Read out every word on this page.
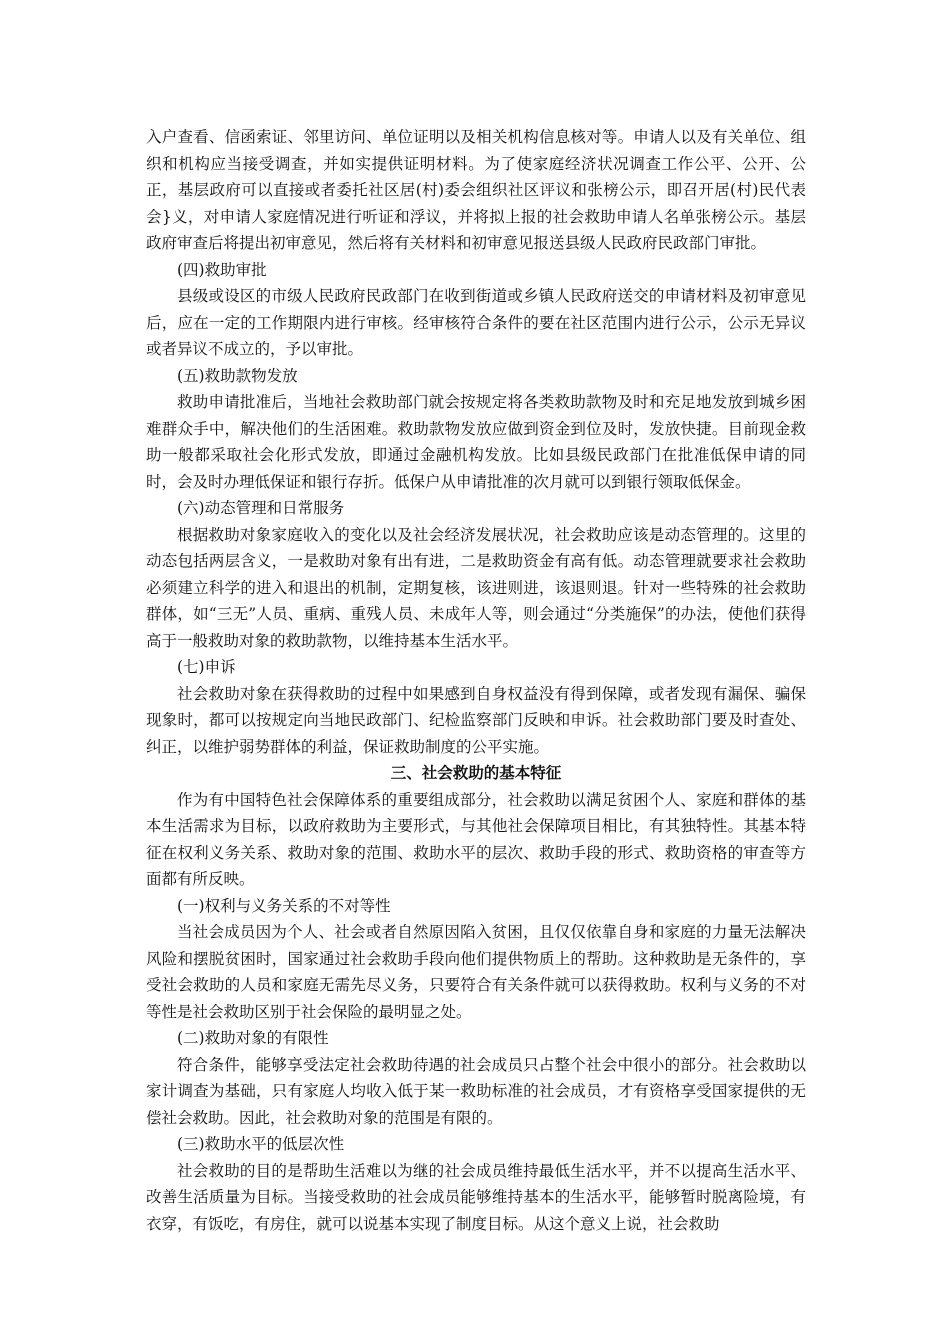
入户查看、信函索证、邻里访问、单位证明以及相关机构信息核对等。申请人以及有关单位、组织和机构应当接受调查，并如实提供证明材料。为了使家庭经济状况调查工作公平、公开、公正，基层政府可以直接或者委托社区居(村)委会组织社区评议和张榜公示，即召开居(村)民代表会}义，对申请人家庭情况进行听证和浮议，并将拟上报的社会救助申请人名单张榜公示。基层政府审查后将提出初审意见，然后将有关材料和初审意见报送县级人民政府民政部门审批。

(四)救助审批

县级或设区的市级人民政府民政部门在收到街道或乡镇人民政府送交的申请材料及初审意见后，应在一定的工作期限内进行审核。经审核符合条件的要在社区范围内进行公示，公示无异议或者异议不成立的，予以审批。

(五)救助款物发放

救助申请批准后，当地社会救助部门就会按规定将各类救助款物及时和充足地发放到城乡困难群众手中，解决他们的生活困难。救助款物发放应做到资金到位及时，发放快捷。目前现金救助一般都采取社会化形式发放，即通过金融机构发放。比如县级民政部门在批准低保申请的同时，会及时办理低保证和银行存折。低保户从申请批准的次月就可以到银行领取低保金。

(六)动态管理和日常服务

根据救助对象家庭收入的变化以及社会经济发展状况，社会救助应该是动态管理的。这里的动态包括两层含义，一是救助对象有出有进，二是救助资金有高有低。动态管理就要求社会救助必须建立科学的进入和退出的机制，定期复核，该进则进，该退则退。针对一些特殊的社会救助群体，如“三无”人员、重病、重残人员、未成年人等，则会通过“分类施保”的办法，使他们获得高于一般救助对象的救助款物，以维持基本生活水平。

(七)申诉

社会救助对象在获得救助的过程中如果感到自身权益没有得到保障，或者发现有漏保、骗保现象时，都可以按规定向当地民政部门、纪检监察部门反映和申诉。社会救助部门要及时查处、纠正，以维护弱势群体的利益，保证救助制度的公平实施。

三、社会救助的基本特征

作为有中国特色社会保障体系的重要组成部分，社会救助以满足贫困个人、家庭和群体的基本生活需求为目标，以政府救助为主要形式，与其他社会保障项目相比，有其独特性。其基本特征在权利义务关系、救助对象的范围、救助水平的层次、救助手段的形式、救助资格的审查等方面都有所反映。

(一)权利与义务关系的不对等性

当社会成员因为个人、社会或者自然原因陷入贫困，且仅仅依靠自身和家庭的力量无法解决风险和摆脱贫困时，国家通过社会救助手段向他们提供物质上的帮助。这种救助是无条件的，享受社会救助的人员和家庭无需先尽义务，只要符合有关条件就可以获得救助。权利与义务的不对等性是社会救助区别于社会保险的最明显之处。

(二)救助对象的有限性

符合条件，能够享受法定社会救助待遇的社会成员只占整个社会中很小的部分。社会救助以家计调查为基础，只有家庭人均收入低于某一救助标准的社会成员，才有资格享受国家提供的无偿社会救助。因此，社会救助对象的范围是有限的。

(三)救助水平的低层次性

社会救助的目的是帮助生活难以为继的社会成员维持最低生活水平，并不以提高生活水平、改善生活质量为目标。当接受救助的社会成员能够维持基本的生活水平，能够暂时脱离险境，有衣穿，有饭吃，有房住，就可以说基本实现了制度目标。从这个意义上说，社会救助
